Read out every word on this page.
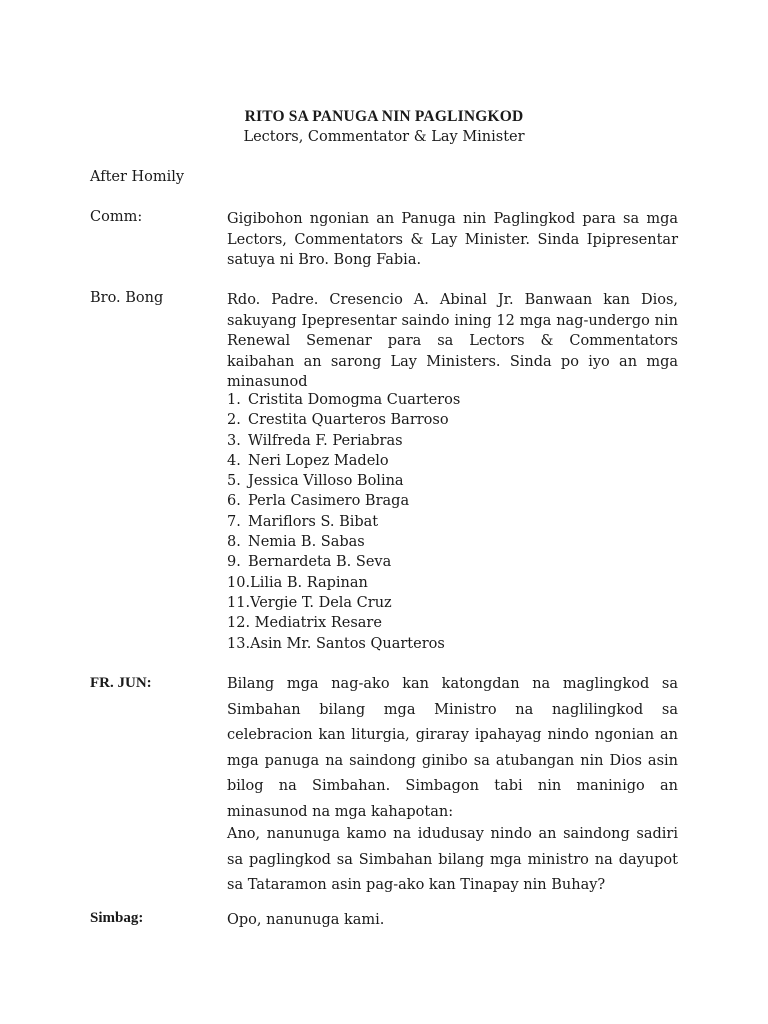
RITO SA PANUGA NIN PAGLINGKOD
Lectors, Commentator & Lay Minister
After Homily
Comm:	Gigibohon ngonian an Panuga nin Paglingkod para sa mga Lectors, Commentators & Lay Minister. Sinda Ipipresentar satuya ni Bro. Bong Fabia.
Bro. Bong	Rdo. Padre. Cresencio A. Abinal Jr. Banwaan kan Dios, sakuyang Ipepresentar saindo ining 12 mga nag-undergo nin Renewal Semenar para sa Lectors & Commentators kaibahan an sarong Lay Ministers. Sinda po iyo an mga minasunod
1. Cristita Domogma Cuarteros
2. Crestita Quarteros Barroso
3. Wilfreda F. Periabras
4. Neri Lopez Madelo
5. Jessica Villoso Bolina
6. Perla Casimero Braga
7. Mariflors S. Bibat
8. Nemia B. Sabas
9. Bernardeta B. Seva
10.Lilia B. Rapinan
11.Vergie T. Dela Cruz
12. Mediatrix Resare
13.Asin Mr. Santos Quarteros
FR. JUN:	Bilang mga nag-ako kan katongdan na maglingkod sa Simbahan bilang mga Ministro na naglilingkod sa celebracion kan liturgia, giraray ipahayag nindo ngonian an mga panuga na saindong ginibo sa atubangan nin Dios asin bilog na Simbahan. Simbagon tabi nin maninigo an minasunod na mga kahapotan:
Ano, nanunuga kamo na idudusay nindo an saindong sadiri sa paglingkod sa Simbahan bilang mga ministro na dayupot sa Tataramon asin pag-ako kan Tinapay nin Buhay?
Simbag:	Opo, nanunuga kami.
